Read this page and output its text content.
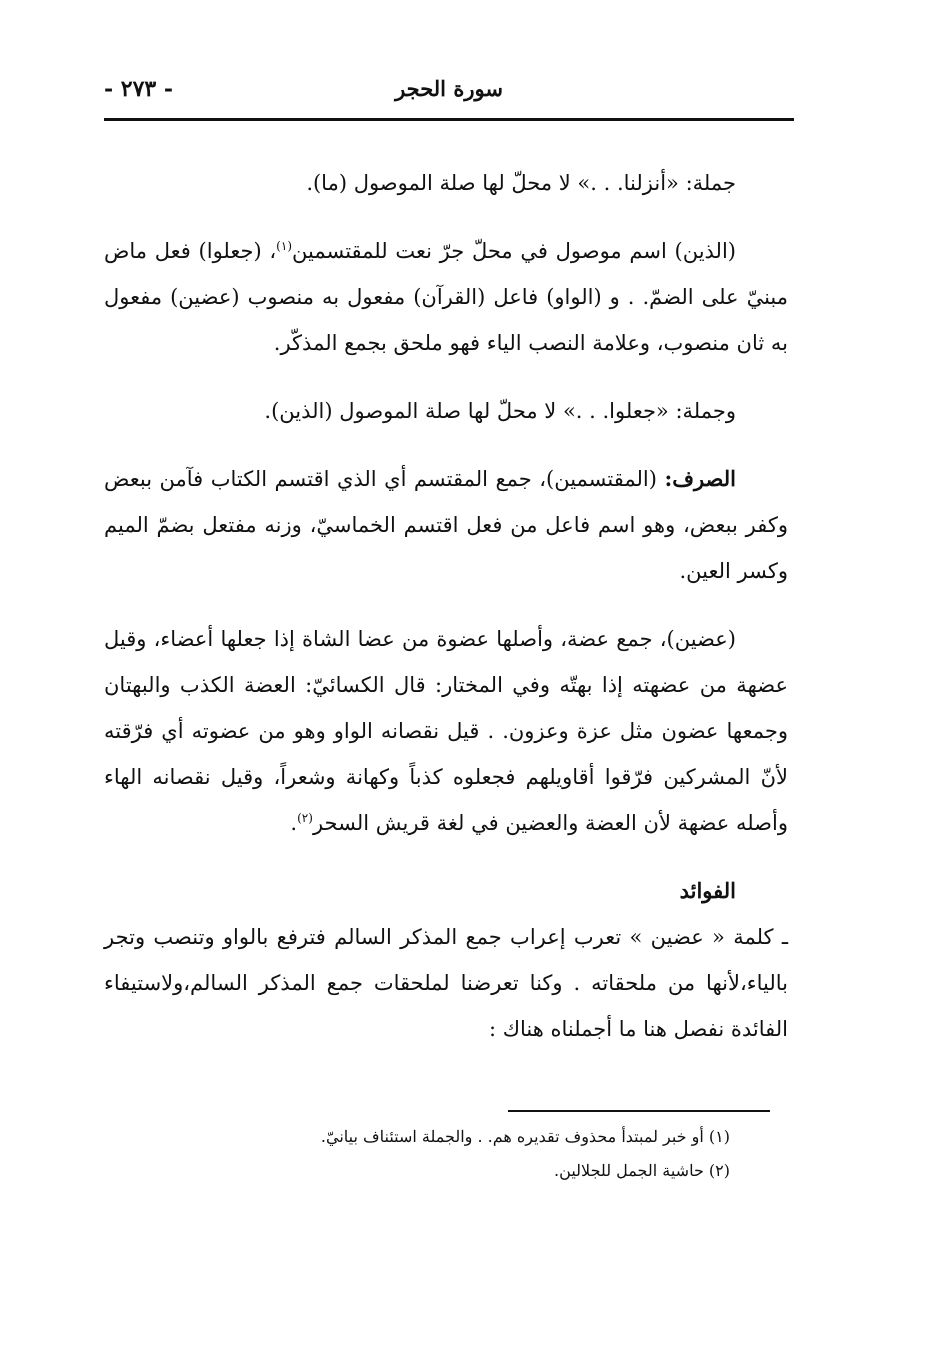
سورة الحجر
- ٢٧٣ -

جملة: «أنزلنا. . .» لا محلّ لها صلة الموصول (ما).

(الذين) اسم موصول في محلّ جرّ نعت للمقتسمين$^{(١)}$، (جعلوا) فعل ماض مبنيّ على الضمّ. . و (الواو) فاعل (القرآن) مفعول به منصوب (عضين) مفعول به ثان منصوب، وعلامة النصب الياء فهو ملحق بجمع المذكّر.

وجملة: «جعلوا. . .» لا محلّ لها صلة الموصول (الذين).

الصرف: (المقتسمين)، جمع المقتسم أي الذي اقتسم الكتاب فآمن ببعض وكفر ببعض، وهو اسم فاعل من فعل اقتسم الخماسيّ، وزنه مفتعل بضمّ الميم وكسر العين.

(عضين)، جمع عضة، وأصلها عضوة من عضا الشاة إذا جعلها أعضاء، وقيل عضهة من عضهته إذا بهتّه وفي المختار: قال الكسائيّ: العضة الكذب والبهتان وجمعها عضون مثل عزة وعزون. . قيل نقصانه الواو وهو من عضوته أي فرّقته لأنّ المشركين فرّقوا أقاويلهم فجعلوه كذباً وكهانة وشعراً، وقيل نقصانه الهاء وأصله عضهة لأن العضة والعضين في لغة قريش السحر$^{(٢)}$.

الفوائد

ـ كلمة « عضين » تعرب إعراب جمع المذكر السالم فترفع بالواو وتنصب وتجر بالياء،لأنها من ملحقاته . وكنا تعرضنا لملحقات جمع المذكر السالم،ولاستيفاء الفائدة نفصل هنا ما أجملناه هناك :

(١) أو خبر لمبتدأ محذوف تقديره هم. . والجملة استئناف بيانيّ.
(٢) حاشية الجمل للجلالين.
